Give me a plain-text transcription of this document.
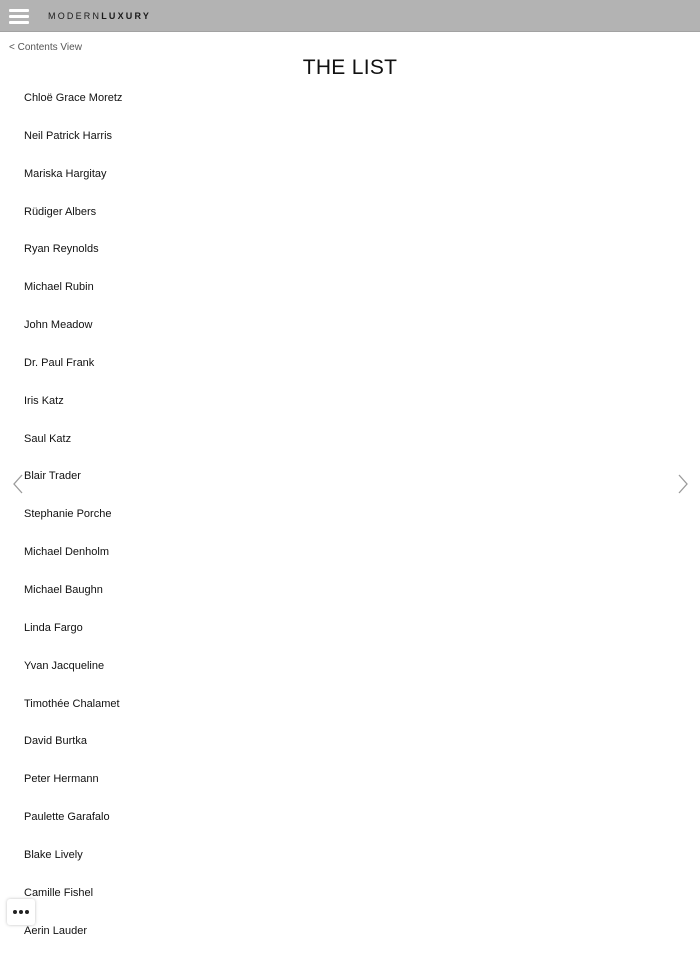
MODERNLUXURY
< Contents View
THE LIST
Chloë Grace Moretz
Neil Patrick Harris
Mariska Hargitay
Rüdiger Albers
Ryan Reynolds
Michael Rubin
John Meadow
Dr. Paul Frank
Iris Katz
Saul Katz
Blair Trader
Stephanie Porche
Michael Denholm
Michael Baughn
Linda Fargo
Yvan Jacqueline
Timothée Chalamet
David Burtka
Peter Hermann
Paulette Garafalo
Blake Lively
Camille Fishel
Aerin Lauder
